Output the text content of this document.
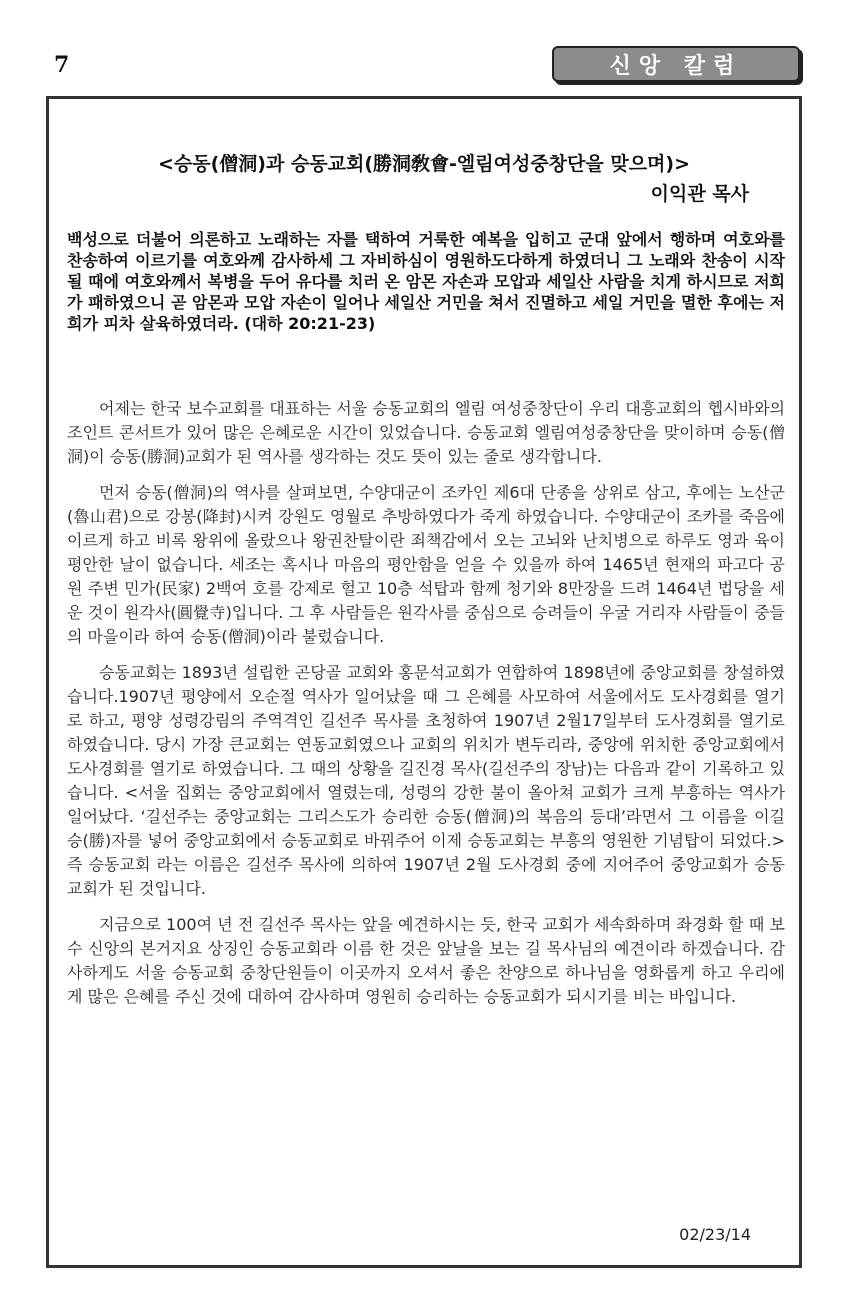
7	신앙 칼럼
<승동(僧洞)과 승동교회(勝洞敎會-엘림여성중창단을 맞으며)>
이익관 목사
백성으로 더불어 의론하고 노래하는 자를 택하여 거룩한 예복을 입히고 군대 앞에서 행하며 여호와를 찬송하여 이르기를 여호와께 감사하세 그 자비하심이 영원하도다하게 하였더니 그 노래와 찬송이 시작될 때에 여호와께서 복병을 두어 유다를 치러 온 암몬 자손과 모압과 세일산 사람을 치게 하시므로 저희가 패하였으니 곧 암몬과 모압 자손이 일어나 세일산 거민을 쳐서 진멸하고 세일 거민을 멸한 후에는 저희가 피차 살육하였더라. (대하 20:21-23)

어제는 한국 보수교회를 대표하는 서울 승동교회의 엘림 여성중창단이 우리 대흥교회의 헵시바와의 조인트 콘서트가 있어 많은 은혜로운 시간이 있었습니다. 승동교회 엘림여성중창단을 맞이하며 승동(僧洞)이 승동(勝洞)교회가 된 역사를 생각하는 것도 뜻이 있는 줄로 생각합니다.

먼저 승동(僧洞)의 역사를 살펴보면, 수양대군이 조카인 제6대 단종을 상위로 삼고, 후에는 노산군(魯山君)으로 강봉(降封)시켜 강원도 영월로 추방하였다가 죽게 하였습니다. 수양대군이 조카를 죽음에 이르게 하고 비록 왕위에 올랐으나 왕권찬탈이란 죄책감에서 오는 고뇌와 난치병으로 하루도 영과 육이 평안한 날이 없습니다. 세조는 혹시나 마음의 평안함을 얻을 수 있을까 하여 1465년 현재의 파고다 공원 주변 민가(民家) 2백여 호를 강제로 헐고 10층 석탑과 함께 청기와 8만장을 드려 1464년 법당을 세운 것이 원각사(圓覺寺)입니다. 그 후 사람들은 원각사를 중심으로 승려들이 우굴 거리자 사람들이 중들의 마을이라 하여 승동(僧洞)이라 불렀습니다.

승동교회는 1893년 설립한 곤당골 교회와 홍문석교회가 연합하여 1898년에 중앙교회를 창설하였습니다.1907년 평양에서 오순절 역사가 일어났을 때 그 은혜를 사모하여 서울에서도 도사경회를 열기로 하고, 평양 성령강림의 주역격인 길선주 목사를 초청하여 1907년 2월17일부터 도사경회를 열기로 하였습니다. 당시 가장 큰교회는 연동교회였으나 교회의 위치가 변두리라, 중앙에 위치한 중앙교회에서 도사경회를 열기로 하였습니다. 그 때의 상황을 길진경 목사(길선주의 장남)는 다음과 같이 기록하고 있습니다. <서울 집회는 중앙교회에서 열렸는데, 성령의 강한 불이 올아쳐 교회가 크게 부흥하는 역사가 일어났다. ‘길선주는 중앙교회는 그리스도가 승리한 승동(僧洞)의 복음의 등대’라면서 그 이름을 이길 승(勝)자를 넣어 중앙교회에서 승동교회로 바꿔주어 이제 승동교회는 부흥의 영원한 기념탑이 되었다.> 즉 승동교회 라는 이름은 길선주 목사에 의하여 1907년 2월 도사경회 중에 지어주어 중앙교회가 승동교회가 된 것입니다.

지금으로 100여 년 전 길선주 목사는 앞을 예견하시는 듯, 한국 교회가 세속화하며 좌경화 할 때 보수 신앙의 본거지요 상징인 승동교회라 이름 한 것은 앞날을 보는 길 목사님의 예견이라 하겠습니다. 감사하게도 서울 승동교회 중창단원들이 이곳까지 오셔서 좋은 찬양으로 하나님을 영화롭게 하고 우리에게 많은 은혜를 주신 것에 대하여 감사하며 영원히 승리하는 승동교회가 되시기를 비는 바입니다.

02/23/14
